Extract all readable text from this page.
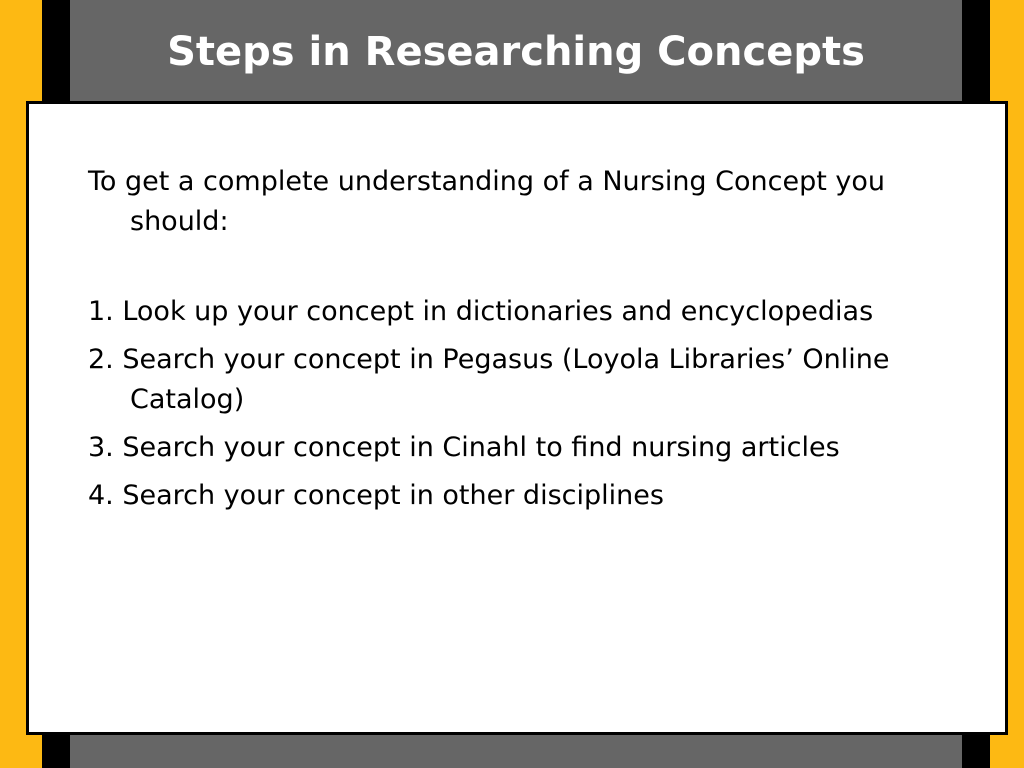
Steps in Researching Concepts

To get a complete understanding of a Nursing Concept you should:

1. Look up your concept in dictionaries and encyclopedias

2. Search your concept in Pegasus (Loyola Libraries’ Online Catalog)

3. Search your concept in Cinahl to find nursing articles

4. Search your concept in other disciplines
